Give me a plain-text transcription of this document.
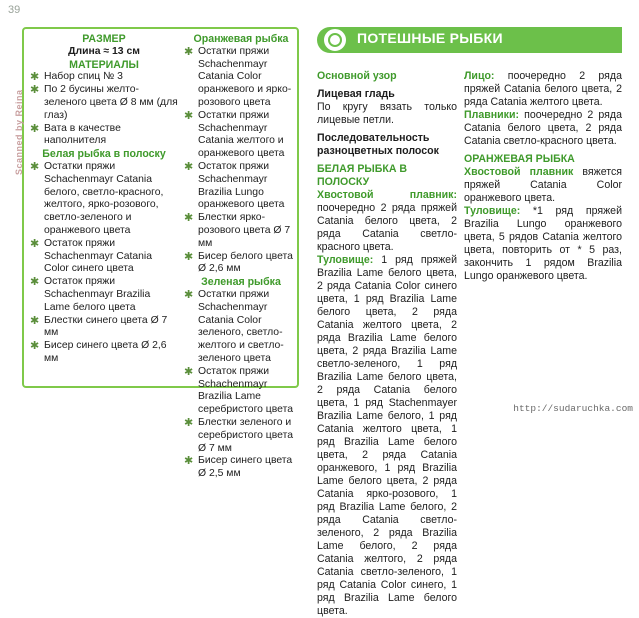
39
РАЗМЕР
Длина ≈ 13 см
МАТЕРИАЛЫ
✱ Набор спиц № 3
✱ По 2 бусины желто-зеленого цвета Ø 8 мм (для глаз)
✱ Вата в качестве наполнителя
Белая рыбка в полоску
✱ Остатки пряжи Schachenmayr Catania белого, светло-красного, желтого, ярко-розового, светло-зеленого и оранжевого цвета
✱ Остаток пряжи Schachenmayr Catania Color синего цвета
✱ Остаток пряжи Schachenmayr Brazilia Lame белого цвета
✱ Блестки синего цвета Ø 7 мм
✱ Бисер синего цвета Ø 2,6 мм
Оранжевая рыбка
✱ Остатки пряжи Schachenmayr Catania Color оранжевого и ярко-розового цвета
✱ Остатки пряжи Schachenmayr Catania желтого и оранжевого цвета
✱ Остаток пряжи Schachenmayr Brazilia Lungo оранжевого цвета
✱ Блестки ярко-розового цвета Ø 7 мм
✱ Бисер белого цвета Ø 2,6 мм
Зеленая рыбка
✱ Остатки пряжи Schachenmayr Catania Color зеленого, светло-желтого и светло-зеленого цвета
✱ Остаток пряжи Schachenmayr Brazilia Lame серебристого цвета
✱ Блестки зеленого и серебристого цвета Ø 7 мм
✱ Бисер синего цвета Ø 2,5 мм
Scanned by Reina
ПОТЕШНЫЕ РЫБКИ
Основной узор
Лицевая гладь
По кругу вязать только лицевые петли.
Последовательность разноцветных полосок
БЕЛАЯ РЫБКА В ПОЛОСКУ
Хвостовой плавник: поочередно 2 ряда пряжей Catania белого цвета, 2 ряда Catania светло-красного цвета.
Туловище: 1 ряд пряжей Brazilia Lame белого цвета, 2 ряда Catania Color синего цвета, 1 ряд Brazilia Lame белого цвета, 2 ряда Catania желтого цвета, 2 ряда Brazilia Lame белого цвета, 2 ряда Brazilia Lame светло-зеленого, 1 ряд Brazilia Lame белого цвета, 2 ряда Catania белого цвета, 1 ряд Stachenmayer Brazilia Lame белого, 1 ряд Catania желтого цвета, 1 ряд Brazilia Lame белого цвета, 2 ряда Catania оранжевого, 1 ряд Brazilia Lame белого цвета, 2 ряда Catania ярко-розового, 1 ряд Brazilia Lame белого, 2 ряда Catania светло-зеленого, 2 ряда Brazilia Lame белого, 2 ряда Catania желтого, 2 ряда Catania светло-зеленого, 1 ряд Catania Color синего, 1 ряд Brazilia Lame белого цвета.
Лицо: поочередно 2 ряда пряжей Catania белого цвета, 2 ряда Catania желтого цвета.
Плавники: поочередно 2 ряда Catania белого цвета, 2 ряда Catania светло-красного цвета.
ОРАНЖЕВАЯ РЫБКА
Хвостовой плавник вяжется пряжей Catania Color оранжевого цвета.
Туловище: *1 ряд пряжей Brazilia Lungo оранжевого цвета, 5 рядов Catania желтого цвета, повторить от * 5 раз, закончить 1 рядом Brazilia Lungo оранжевого цвета.
http://sudaruchka.com
